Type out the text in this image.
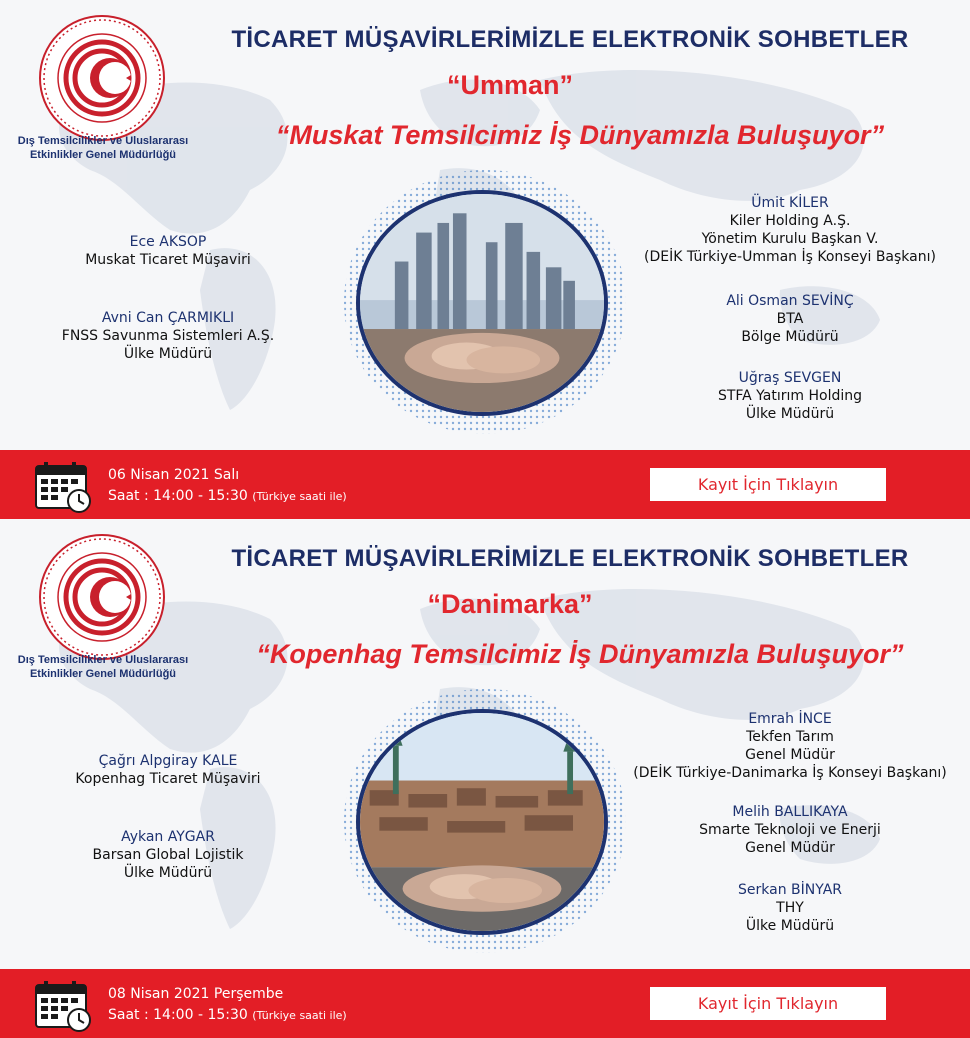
Dış Temsilcilikler ve Uluslararası Etkinlikler Genel Müdürlüğü
TİCARET MÜŞAVİRLERİMİZLE ELEKTRONİK SOHBETLER
“Umman”
“Muskat Temsilcimiz İş Dünyamızla Buluşuyor”
Ece AKSOP
Muskat Ticaret Müşaviri
Avni Can ÇARMIKLI
FNSS Savunma Sistemleri A.Ş.
Ülke Müdürü
Ümit KİLER
Kiler Holding A.Ş.
Yönetim Kurulu Başkan V.
(DEİK Türkiye-Umman İş Konseyi Başkanı)
Ali Osman SEVİNÇ
BTA
Bölge Müdürü
Uğraş SEVGEN
STFA Yatırım Holding
Ülke Müdürü
06 Nisan 2021 Salı
Saat : 14:00 - 15:30 (Türkiye saati ile)
Kayıt İçin Tıklayın
Dış Temsilcilikler ve Uluslararası Etkinlikler Genel Müdürlüğü
TİCARET MÜŞAVİRLERİMİZLE ELEKTRONİK SOHBETLER
“Danimarka”
“Kopenhag Temsilcimiz İş Dünyamızla Buluşuyor”
Çağrı Alpgiray KALE
Kopenhag Ticaret Müşaviri
Aykan AYGAR
Barsan Global Lojistik
Ülke Müdürü
Emrah İNCE
Tekfen Tarım
Genel Müdür
(DEİK Türkiye-Danimarka İş Konseyi Başkanı)
Melih BALLIKAYA
Smarte Teknoloji ve Enerji
Genel Müdür
Serkan BİNYAR
THY
Ülke Müdürü
08 Nisan 2021 Perşembe
Saat : 14:00 - 15:30 (Türkiye saati ile)
Kayıt İçin Tıklayın
